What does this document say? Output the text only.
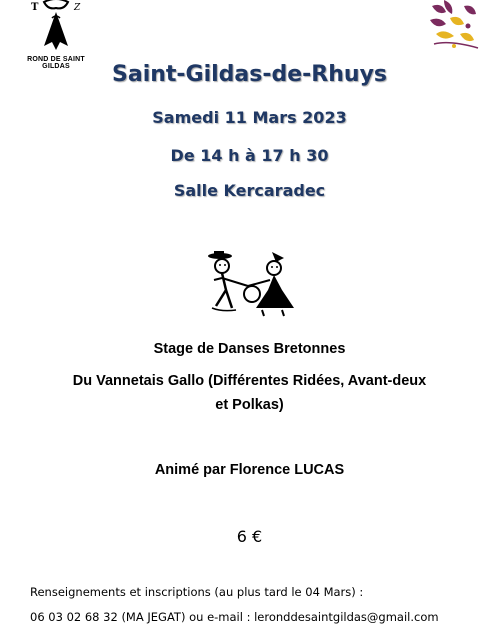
T	Z
ROND DE SAINT GILDAS	Saint-Gildas-de-Rhuys
Samedi 11 Mars 2023
De 14 h à 17 h 30
Salle Kercaradec
Stage de Danses Bretonnes
Du Vannetais Gallo (Différentes Ridées, Avant-deux
et Polkas)
Animé par Florence LUCAS
6 €
Renseignements et inscriptions (au plus tard le 04 Mars) :
06 03 02 68 32 (MA JEGAT) ou e-mail : leronddesaintgildas@gmail.com
